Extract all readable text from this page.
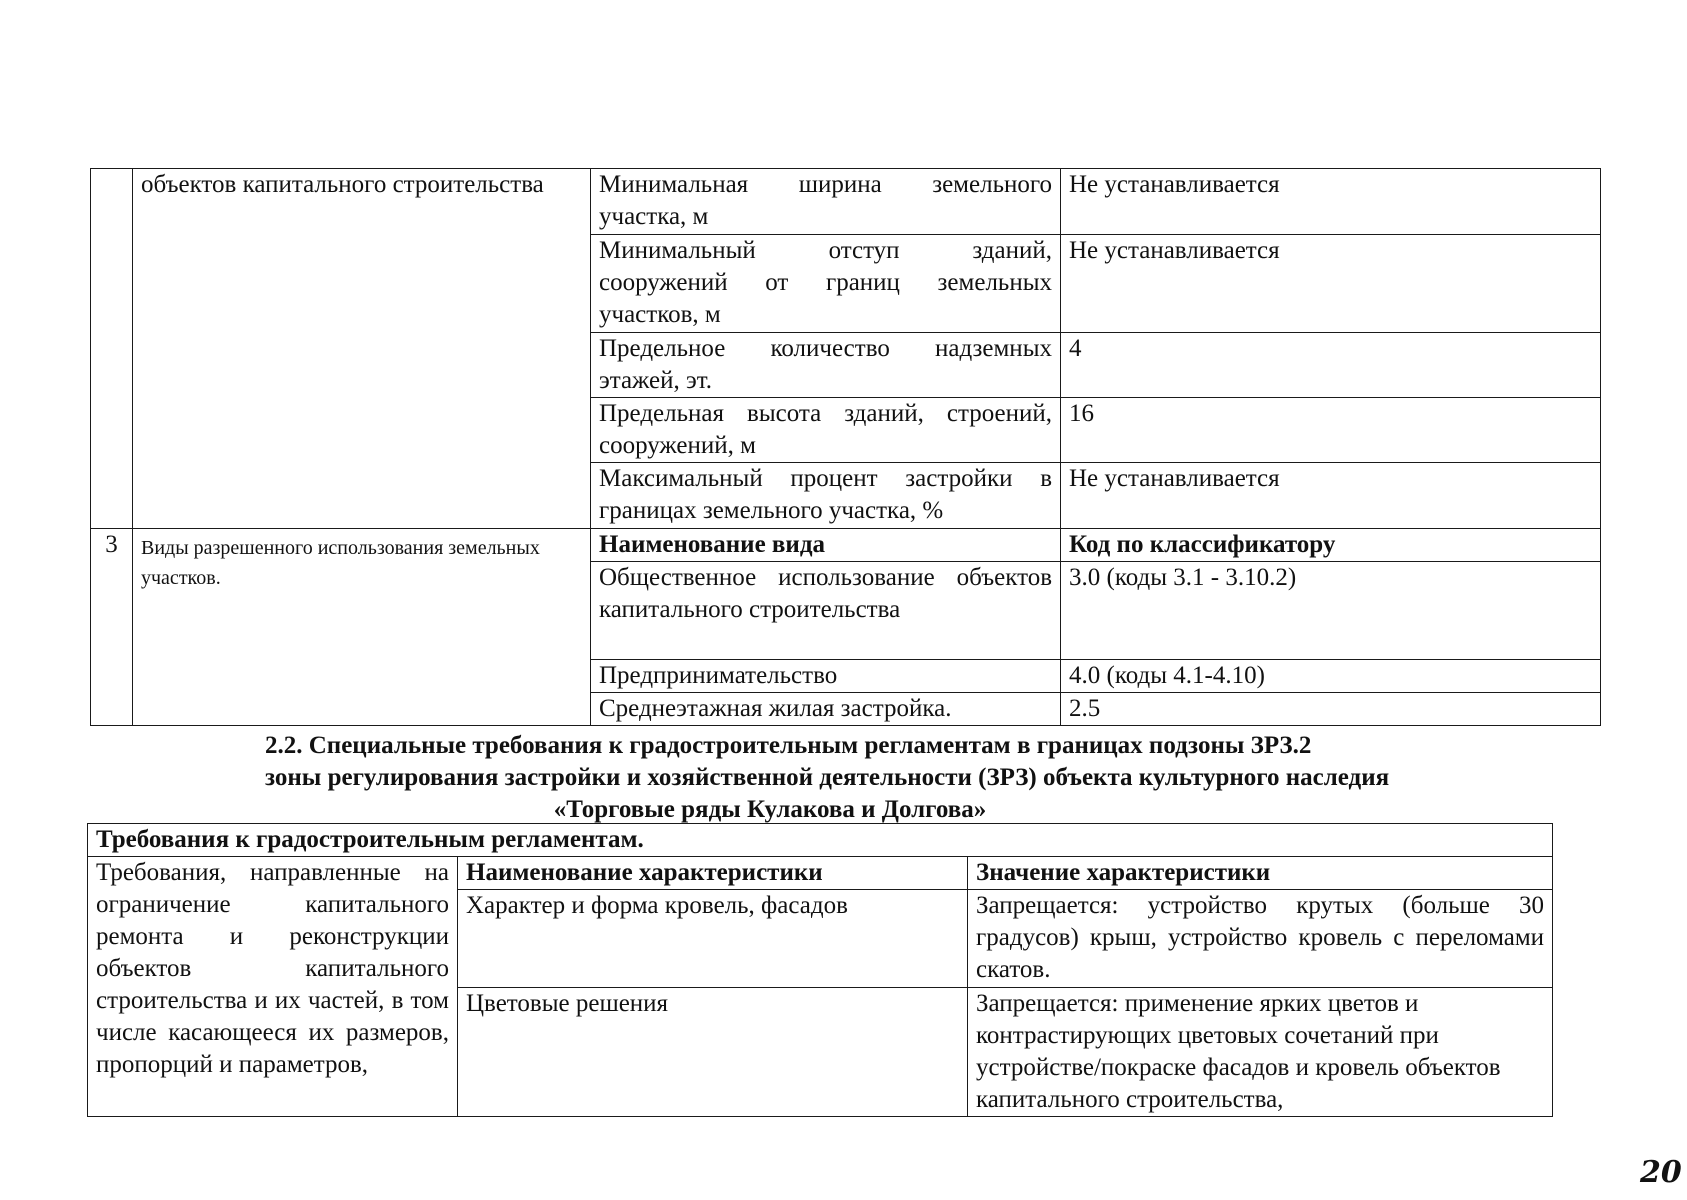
	объектов капитального строительства	Минимальная ширина земельного участка, м	Не устанавливается
		Минимальный отступ зданий, сооружений от границ земельных участков, м	Не устанавливается
		Предельное количество надземных этажей, эт.	4
		Предельная высота зданий, строений, сооружений, м	16
		Максимальный процент застройки в границах земельного участка, %	Не устанавливается
3	Виды разрешенного использования земельных участков.	Наименование вида	Код по классификатору
		Общественное использование объектов капитального строительства	3.0 (коды 3.1 - 3.10.2)
		Предпринимательство	4.0 (коды 4.1-4.10)
		Среднеэтажная жилая застройка.	2.5
2.2. Специальные требования к градостроительным регламентам в границах подзоны ЗРЗ.2
зоны регулирования застройки и хозяйственной деятельности (ЗРЗ) объекта культурного наследия
«Торговые ряды Кулакова и Долгова»
Требования к градостроительным регламентам.		
Требования, направленные на ограничение капитального ремонта и реконструкции объектов капитального строительства и их частей, в том числе касающееся их размеров, пропорций и параметров,	Наименование характеристики	Значение характеристики
	Характер и форма кровель, фасадов	Запрещается: устройство крутых (больше 30 градусов) крыш, устройство кровель с переломами скатов.
	Цветовые решения	Запрещается: применение ярких цветов и контрастирующих цветовых сочетаний при устройстве/покраске фасадов и кровель объектов капитального строительства,
20
